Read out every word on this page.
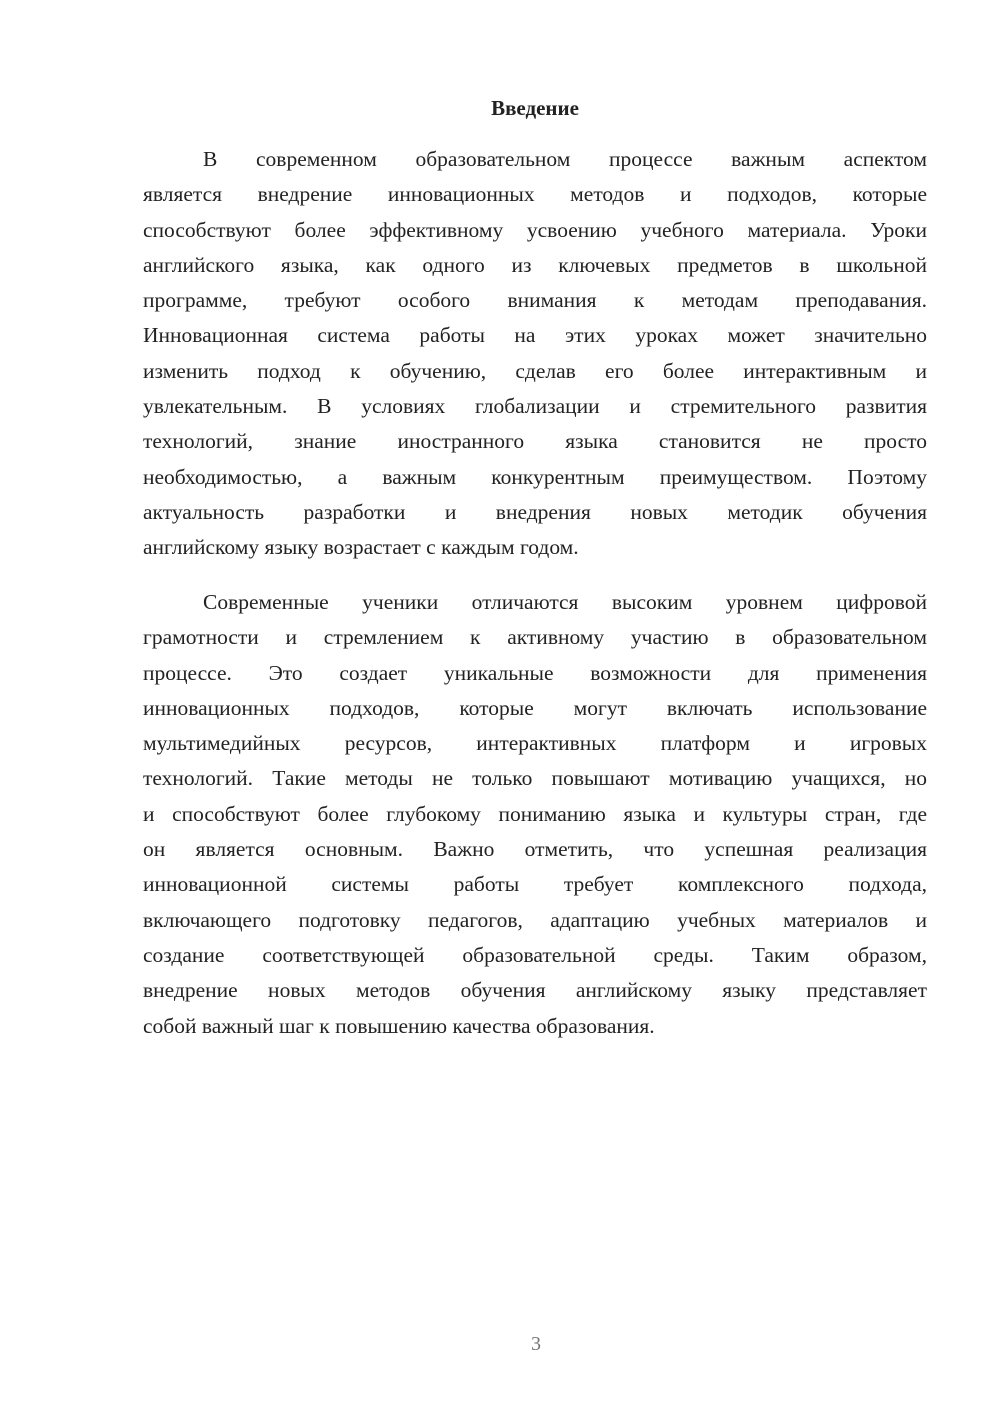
Введение
В современном образовательном процессе важным аспектом
является внедрение инновационных методов и подходов, которые
способствуют более эффективному усвоению учебного материала. Уроки
английского языка, как одного из ключевых предметов в школьной
программе, требуют особого внимания к методам преподавания.
Инновационная система работы на этих уроках может значительно
изменить подход к обучению, сделав его более интерактивным и
увлекательным. В условиях глобализации и стремительного развития
технологий, знание иностранного языка становится не просто
необходимостью, а важным конкурентным преимуществом. Поэтому
актуальность разработки и внедрения новых методик обучения
английскому языку возрастает с каждым годом.
Современные ученики отличаются высоким уровнем цифровой
грамотности и стремлением к активному участию в образовательном
процессе. Это создает уникальные возможности для применения
инновационных подходов, которые могут включать использование
мультимедийных ресурсов, интерактивных платформ и игровых
технологий. Такие методы не только повышают мотивацию учащихся, но
и способствуют более глубокому пониманию языка и культуры стран, где
он является основным. Важно отметить, что успешная реализация
инновационной системы работы требует комплексного подхода,
включающего подготовку педагогов, адаптацию учебных материалов и
создание соответствующей образовательной среды. Таким образом,
внедрение новых методов обучения английскому языку представляет
собой важный шаг к повышению качества образования.
3
